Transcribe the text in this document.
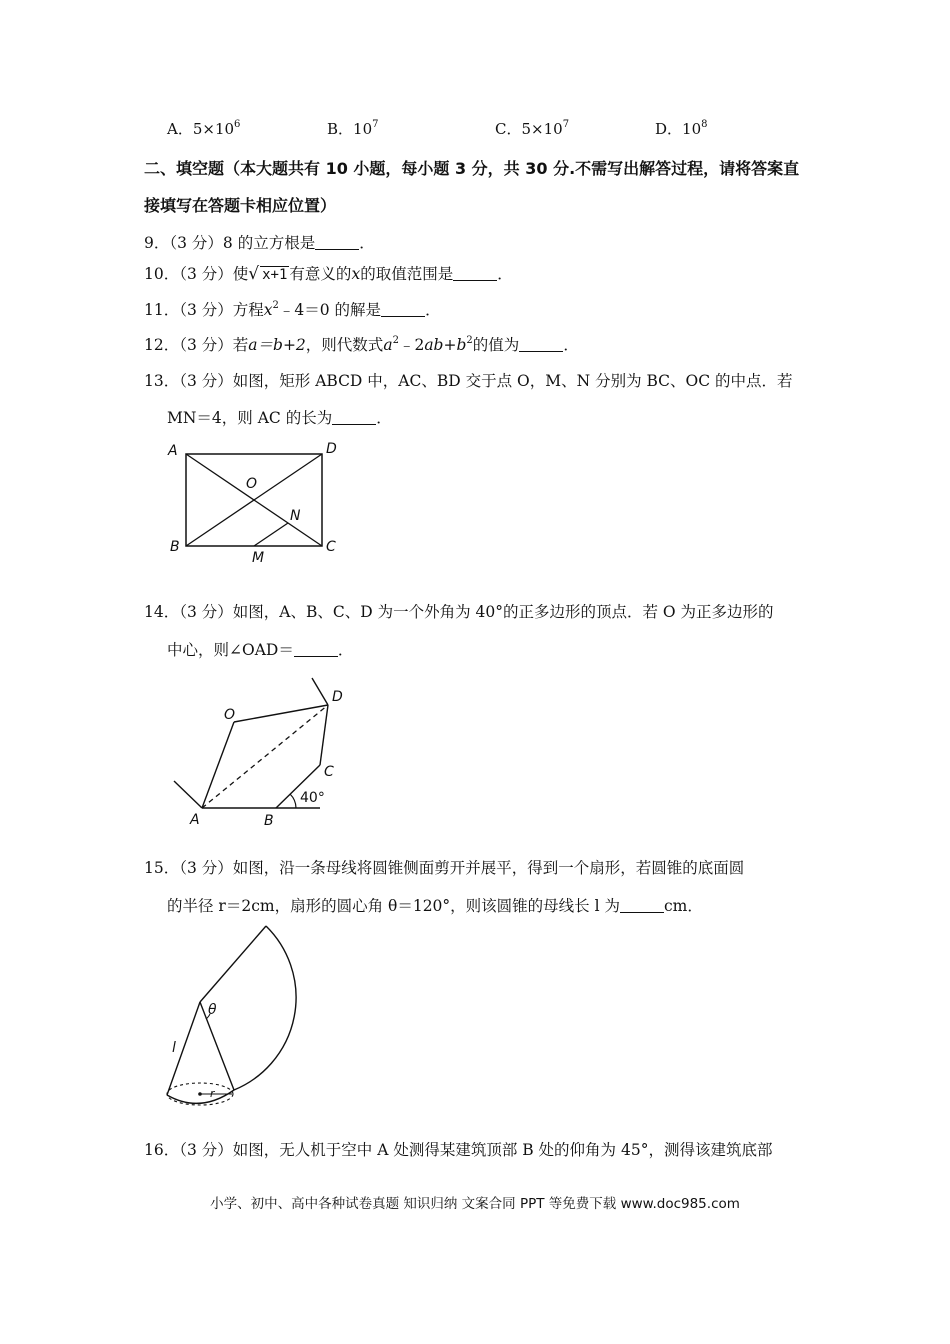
A．$5\times 10^6$	B．$10^7$	C．$5\times 10^7$	D．$10^8$
二、填空题（本大题共有 10 小题，每小题 3 分，共 30 分.不需写出解答过程，请将答案直
接填写在答题卡相应位置）
9．（3 分）8 的立方根是	．
10．（3 分）使√ x+1 有意义的x的取值范围是	．
11．（3 分）方程$x^2﹣4=0$ 的解是	．
12．（3 分）若a＝b+2，则代数式$a^2﹣2ab+b^2$的值为	．
13．（3 分）如图，矩形 ABCD 中，AC、BD 交于点 O，M、N 分别为 BC、OC 的中点．若
MN＝4，则 AC 的长为	．
A	D
O
N
B
M
C
14．（3 分）如图，A、B、C、D 为一个外角为 40°的正多边形的顶点．若 O 为正多边形的
中心，则∠OAD＝	．
O
D
C
A	B
40°
15．（3 分）如图，沿一条母线将圆锥侧面剪开并展平，得到一个扇形，若圆锥的底面圆
的半径 r＝2cm，扇形的圆心角 θ＝120°，则该圆锥的母线长 l 为	cm．
θ
l
r
16．（3 分）如图，无人机于空中 A 处测得某建筑顶部 B 处的仰角为 45°，测得该建筑底部
小学、初中、高中各种试卷真题 知识归纳 文案合同 PPT 等免费下载 www.doc985.com
